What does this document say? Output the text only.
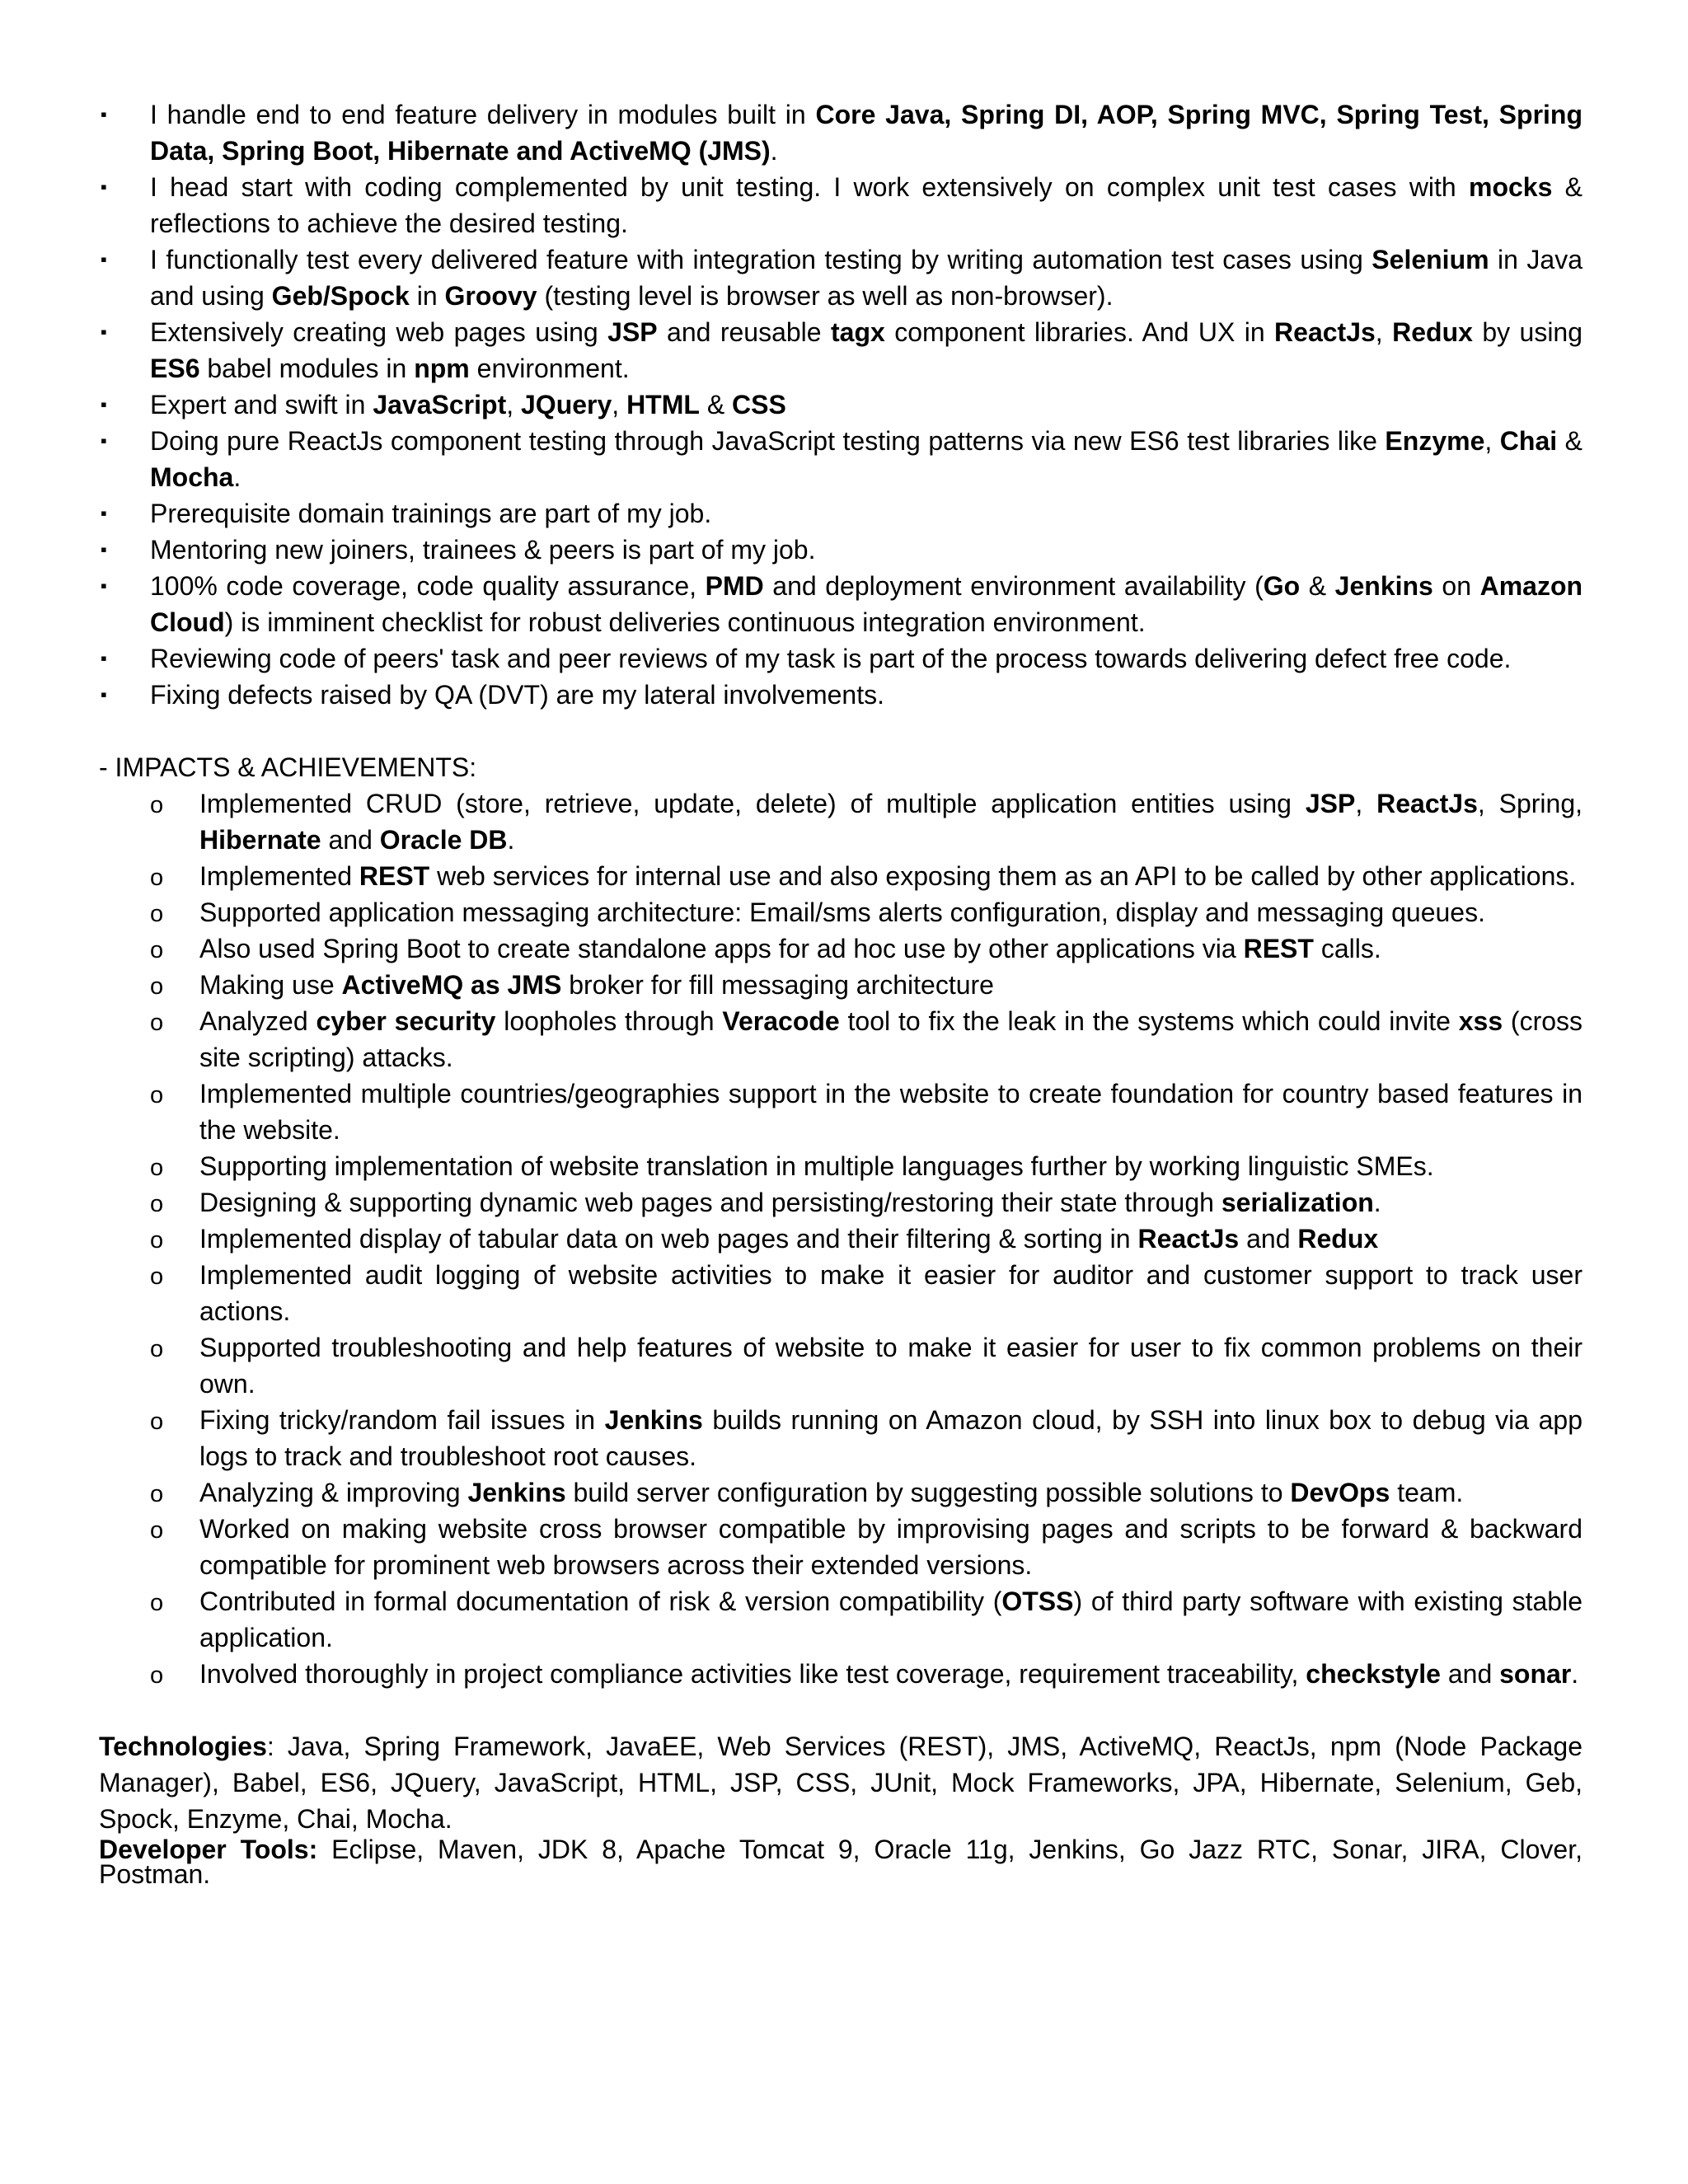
▪ I handle end to end feature delivery in modules built in Core Java, Spring DI, AOP, Spring MVC, Spring Test, Spring Data, Spring Boot, Hibernate and ActiveMQ (JMS).
▪ I head start with coding complemented by unit testing. I work extensively on complex unit test cases with mocks & reflections to achieve the desired testing.
▪ I functionally test every delivered feature with integration testing by writing automation test cases using Selenium in Java and using Geb/Spock in Groovy (testing level is browser as well as non-browser).
▪ Extensively creating web pages using JSP and reusable tagx component libraries. And UX in ReactJs, Redux by using ES6 babel modules in npm environment.
▪ Expert and swift in JavaScript, JQuery, HTML & CSS
▪ Doing pure ReactJs component testing through JavaScript testing patterns via new ES6 test libraries like Enzyme, Chai & Mocha.
▪ Prerequisite domain trainings are part of my job.
▪ Mentoring new joiners, trainees & peers is part of my job.
▪ 100% code coverage, code quality assurance, PMD and deployment environment availability (Go & Jenkins on Amazon Cloud) is imminent checklist for robust deliveries continuous integration environment.
▪ Reviewing code of peers' task and peer reviews of my task is part of the process towards delivering defect free code.
▪ Fixing defects raised by QA (DVT) are my lateral involvements.
- IMPACTS & ACHIEVEMENTS:
o Implemented CRUD (store, retrieve, update, delete) of multiple application entities using JSP, ReactJs, Spring, Hibernate and Oracle DB.
o Implemented REST web services for internal use and also exposing them as an API to be called by other applications.
o Supported application messaging architecture: Email/sms alerts configuration, display and messaging queues.
o Also used Spring Boot to create standalone apps for ad hoc use by other applications via REST calls.
o Making use ActiveMQ as JMS broker for fill messaging architecture
o Analyzed cyber security loopholes through Veracode tool to fix the leak in the systems which could invite xss (cross site scripting) attacks.
o Implemented multiple countries/geographies support in the website to create foundation for country based features in the website.
o Supporting implementation of website translation in multiple languages further by working linguistic SMEs.
o Designing & supporting dynamic web pages and persisting/restoring their state through serialization.
o Implemented display of tabular data on web pages and their filtering & sorting in ReactJs and Redux
o Implemented audit logging of website activities to make it easier for auditor and customer support to track user actions.
o Supported troubleshooting and help features of website to make it easier for user to fix common problems on their own.
o Fixing tricky/random fail issues in Jenkins builds running on Amazon cloud, by SSH into linux box to debug via app logs to track and troubleshoot root causes.
o Analyzing & improving Jenkins build server configuration by suggesting possible solutions to DevOps team.
o Worked on making website cross browser compatible by improvising pages and scripts to be forward & backward compatible for prominent web browsers across their extended versions.
o Contributed in formal documentation of risk & version compatibility (OTSS) of third party software with existing stable application.
o Involved thoroughly in project compliance activities like test coverage, requirement traceability, checkstyle and sonar.
Technologies: Java, Spring Framework, JavaEE, Web Services (REST), JMS, ActiveMQ, ReactJs, npm (Node Package Manager), Babel, ES6, JQuery, JavaScript, HTML, JSP, CSS, JUnit, Mock Frameworks, JPA, Hibernate, Selenium, Geb, Spock, Enzyme, Chai, Mocha.
Developer Tools: Eclipse, Maven, JDK 8, Apache Tomcat 9, Oracle 11g, Jenkins, Go Jazz RTC, Sonar, JIRA, Clover, Postman.
